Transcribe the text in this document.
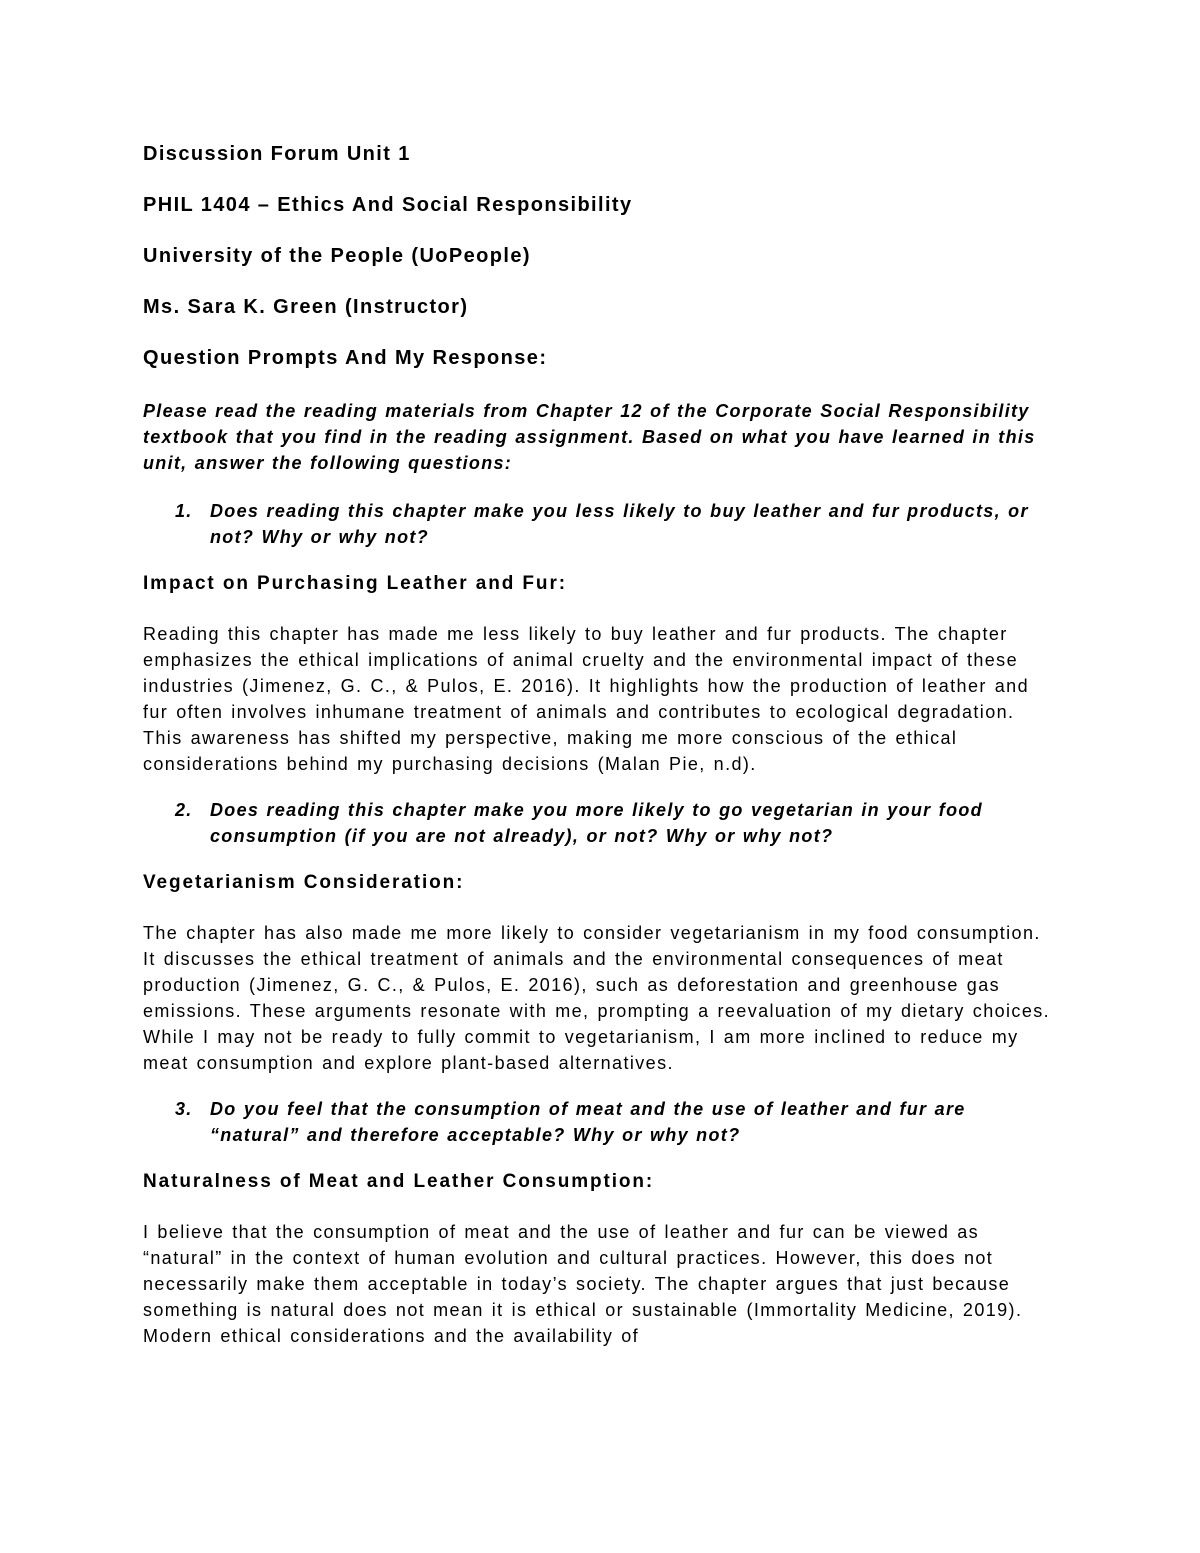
Discussion Forum Unit 1
PHIL 1404 – Ethics And Social Responsibility
University of the People (UoPeople)
Ms. Sara K. Green (Instructor)
Question Prompts And My Response:

Please read the reading materials from Chapter 12 of the Corporate Social Responsibility textbook that you find in the reading assignment. Based on what you have learned in this unit, answer the following questions:

1. Does reading this chapter make you less likely to buy leather and fur products, or not? Why or why not?
Impact on Purchasing Leather and Fur:

Reading this chapter has made me less likely to buy leather and fur products. The chapter emphasizes the ethical implications of animal cruelty and the environmental impact of these industries (Jimenez, G. C., & Pulos, E. 2016). It highlights how the production of leather and fur often involves inhumane treatment of animals and contributes to ecological degradation. This awareness has shifted my perspective, making me more conscious of the ethical considerations behind my purchasing decisions (Malan Pie, n.d).

2. Does reading this chapter make you more likely to go vegetarian in your food consumption (if you are not already), or not? Why or why not?
Vegetarianism Consideration:

The chapter has also made me more likely to consider vegetarianism in my food consumption. It discusses the ethical treatment of animals and the environmental consequences of meat production (Jimenez, G. C., & Pulos, E. 2016), such as deforestation and greenhouse gas emissions. These arguments resonate with me, prompting a reevaluation of my dietary choices. While I may not be ready to fully commit to vegetarianism, I am more inclined to reduce my meat consumption and explore plant-based alternatives.

3. Do you feel that the consumption of meat and the use of leather and fur are “natural” and therefore acceptable? Why or why not?
Naturalness of Meat and Leather Consumption:

I believe that the consumption of meat and the use of leather and fur can be viewed as “natural” in the context of human evolution and cultural practices. However, this does not necessarily make them acceptable in today’s society. The chapter argues that just because something is natural does not mean it is ethical or sustainable (Immortality Medicine, 2019). Modern ethical considerations and the availability of
